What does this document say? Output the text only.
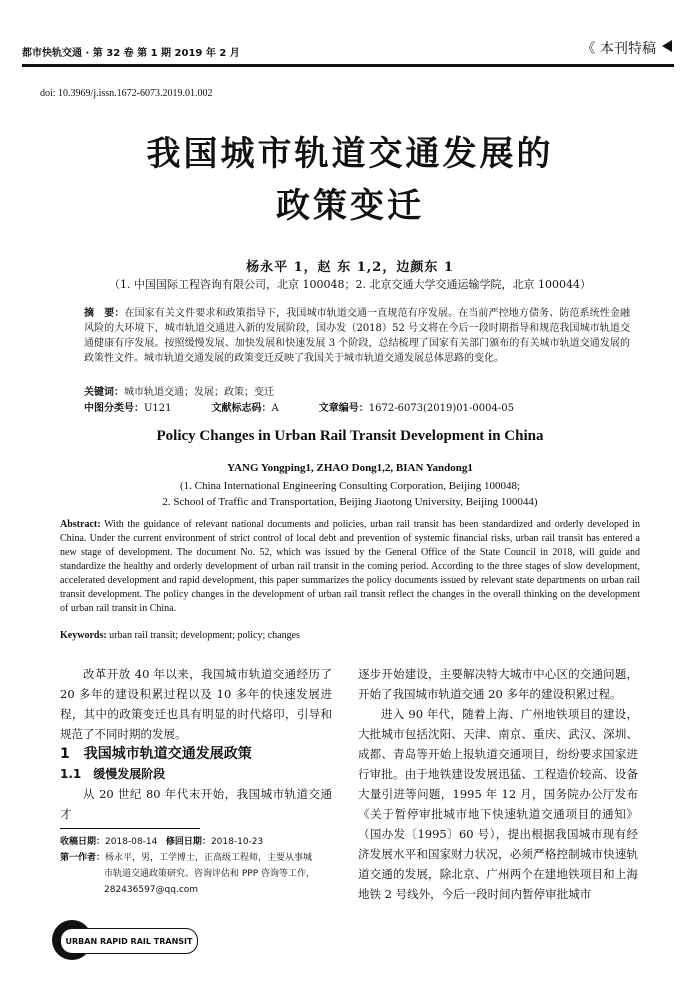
都市快轨交通 · 第 32 卷 第 1 期 2019 年 2 月	《 本刊特稿
doi: 10.3969/j.issn.1672-6073.2019.01.002
我国城市轨道交通发展的
政策变迁
杨永平 1，赵 东 1,2，边颜东 1
（1. 中国国际工程咨询有限公司，北京 100048；2. 北京交通大学交通运输学院，北京 100044）
摘　要：在国家有关文件要求和政策指导下，我国城市轨道交通一直规范有序发展。在当前严控地方债务、防范系统性金融风险的大环境下，城市轨道交通进入新的发展阶段，国办发（2018）52 号文将在今后一段时期指导和规范我国城市轨道交通健康有序发展。按照缓慢发展、加快发展和快速发展 3 个阶段，总结梳理了国家有关部门颁布的有关城市轨道交通发展的政策性文件。城市轨道交通发展的政策变迁反映了我国关于城市轨道交通发展总体思路的变化。
关键词：城市轨道交通；发展；政策；变迁
中图分类号：U121	文献标志码：A	文章编号：1672-6073(2019)01-0004-05
Policy Changes in Urban Rail Transit Development in China
YANG Yongping1, ZHAO Dong1,2, BIAN Yandong1
(1. China International Engineering Consulting Corporation, Beijing 100048;
2. School of Traffic and Transportation, Beijing Jiaotong University, Beijing 100044)
Abstract: With the guidance of relevant national documents and policies, urban rail transit has been standardized and orderly developed in China. Under the current environment of strict control of local debt and prevention of systemic financial risks, urban rail transit has entered a new stage of development. The document No. 52, which was issued by the General Office of the State Council in 2018, will guide and standardize the healthy and orderly development of urban rail transit in the coming period. According to the three stages of slow development, accelerated development and rapid development, this paper summarizes the policy documents issued by relevant state departments on urban rail transit development. The policy changes in the development of urban rail transit reflect the changes in the overall thinking on the development of urban rail transit in China.
Keywords: urban rail transit; development; policy; changes

改革开放 40 年以来，我国城市轨道交通经历了 20 多年的建设积累过程以及 10 多年的快速发展进程，其中的政策变迁也具有明显的时代烙印，引导和规范了不同时期的发展。

1　我国城市轨道交通发展政策

1.1　缓慢发展阶段

从 20 世纪 80 年代末开始，我国城市轨道交通才

逐步开始建设，主要解决特大城市中心区的交通问题，开始了我国城市轨道交通 20 多年的建设积累过程。

进入 90 年代，随着上海、广州地铁项目的建设，大批城市包括沈阳、天津、南京、重庆、武汉、深圳、成都、青岛等开始上报轨道交通项目，纷纷要求国家进行审批。由于地铁建设发展迅猛、工程造价较高、设备大量引进等问题，1995 年 12 月，国务院办公厅发布《关于暂停审批城市地下快速轨道交通项目的通知》（国办发〔1995〕60 号），提出根据我国城市现有经济发展水平和国家财力状况，必须严格控制城市快速轨道交通的发展，除北京、广州两个在建地铁项目和上海地铁 2 号线外，今后一段时间内暂停审批城市

收稿日期：2018-08-14 修回日期：2018-10-23
第一作者：杨永平，男，工学博士，正高级工程师，主要从事城
市轨道交通政策研究、咨询评估和 PPP 咨询等工作，
282436597@qq.com
URBAN RAPID RAIL TRANSIT
